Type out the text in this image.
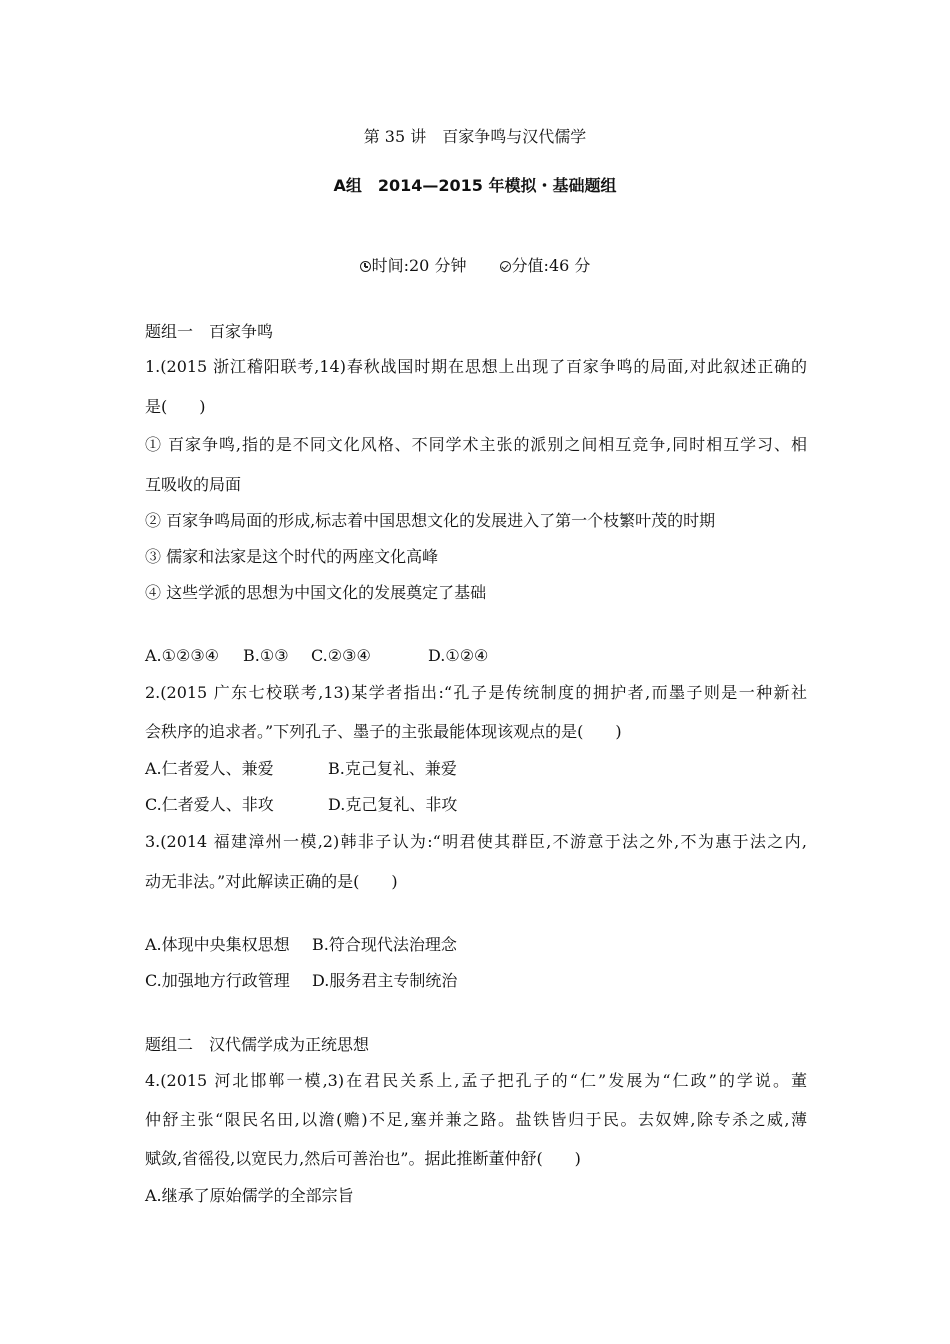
第 35 讲　百家争鸣与汉代儒学
A组　2014—2015 年模拟・基础题组
时间:20 分钟	分值:46 分
题组一　百家争鸣
1.(2015 浙江稽阳联考,14)春秋战国时期在思想上出现了百家争鸣的局面,对此叙述正确的
是(　　)
① 百家争鸣,指的是不同文化风格、不同学术主张的派别之间相互竞争,同时相互学习、相
互吸收的局面
② 百家争鸣局面的形成,标志着中国思想文化的发展进入了第一个枝繁叶茂的时期
③ 儒家和法家是这个时代的两座文化高峰
④ 这些学派的思想为中国文化的发展奠定了基础
A.①②③④ B.①③ C.②③④	D.①②④
2.(2015 广东七校联考,13)某学者指出:“孔子是传统制度的拥护者,而墨子则是一种新社
会秩序的追求者。”下列孔子、墨子的主张最能体现该观点的是(　　)
A.仁者爱人、兼爱	B.克己复礼、兼爱
C.仁者爱人、非攻	D.克己复礼、非攻
3.(2014 福建漳州一模,2)韩非子认为:“明君使其群臣,不游意于法之外,不为惠于法之内,
动无非法。”对此解读正确的是(　　)
A.体现中央集权思想 B.符合现代法治理念
C.加强地方行政管理 D.服务君主专制统治
题组二　汉代儒学成为正统思想
4.(2015 河北邯郸一模,3)在君民关系上,孟子把孔子的“仁”发展为“仁政”的学说。董
仲舒主张“限民名田,以澹(赡)不足,塞并兼之路。盐铁皆归于民。去奴婢,除专杀之威,薄
赋敛,省徭役,以宽民力,然后可善治也”。据此推断董仲舒(　　)
A.继承了原始儒学的全部宗旨
